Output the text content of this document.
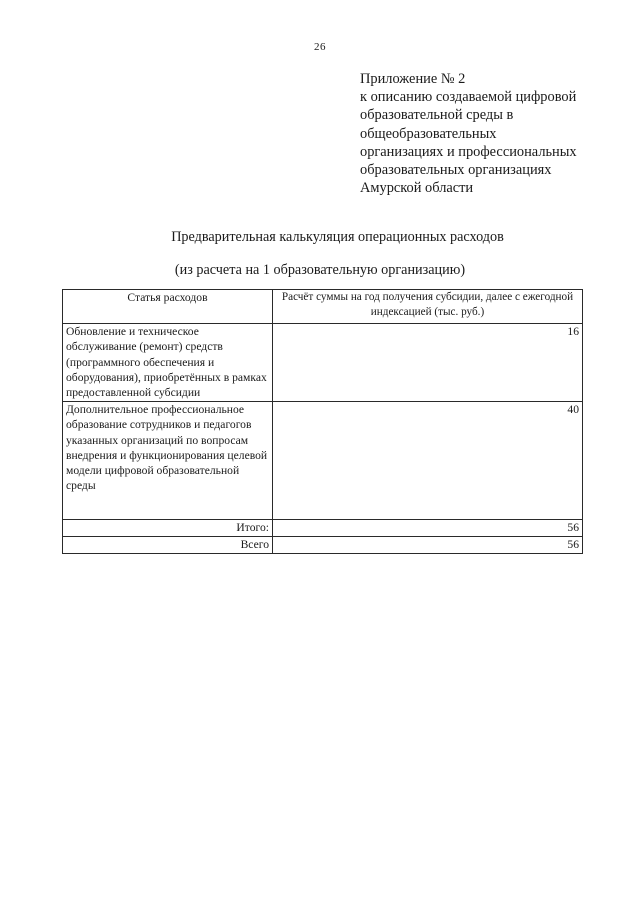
26
Приложение № 2
к описанию создаваемой цифровой
образовательной среды в
общеобразовательных
организациях и профессиональных
образовательных организациях
Амурской области
Предварительная калькуляция операционных расходов
(из расчета на 1 образовательную организацию)
Статья расходов	Расчёт суммы на год получения субсидии, далее с ежегодной индексацией (тыс. руб.)
Обновление и техническое обслуживание (ремонт) средств (программного обеспечения и оборудования), приобретённых в рамках предоставленной субсидии	16
Дополнительное профессиональное образование сотрудников и педагогов указанных организаций по вопросам внедрения и функционирования целевой модели цифровой образовательной среды	40
Итого:	56
Всего	56
